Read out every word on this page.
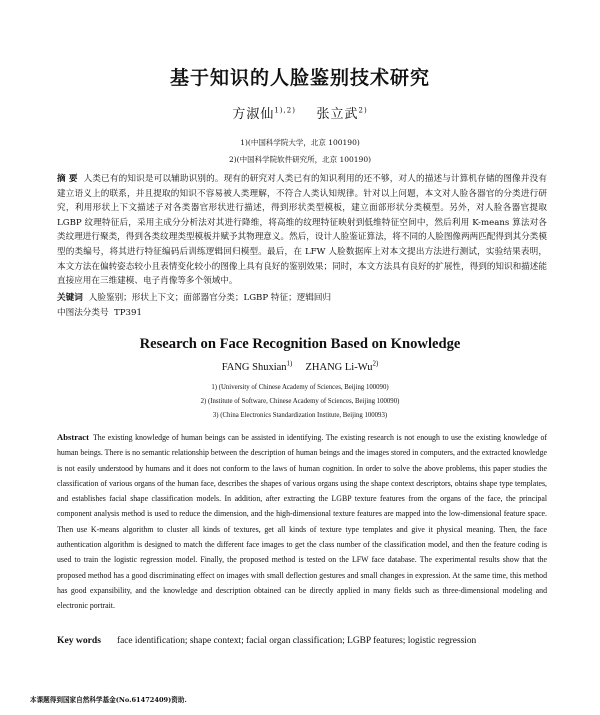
基于知识的人脸鉴别技术研究
方淑仙$^{1),2)}$ 张立武$^{2)}$
1)(中国科学院大学，北京 100190)
2)(中国科学院软件研究所，北京 100190)
摘 要 人类已有的知识是可以辅助识别的。现有的研究对人类已有的知识利用的还不够，对人的描述与计算机存储的图像并没有建立语义上的联系，并且提取的知识不容易被人类理解，不符合人类认知规律。针对以上问题，本文对人脸各器官的分类进行研究，利用形状上下文描述子对各类器官形状进行描述，得到形状类型模板，建立面部形状分类模型。另外，对人脸各器官提取 LGBP 纹理特征后，采用主成分分析法对其进行降维，将高维的纹理特征映射到低维特征空间中，然后利用 K-means 算法对各类纹理进行聚类，得到各类纹理类型模板并赋予其物理意义。然后，设计人脸鉴证算法，将不同的人脸图像两两匹配得到其分类模型的类编号，将其进行特征编码后训练逻辑回归模型。最后，在 LFW 人脸数据库上对本文提出方法进行测试，实验结果表明，本文方法在偏转姿态较小且表情变化较小的图像上具有良好的鉴别效果；同时，本文方法具有良好的扩展性，得到的知识和描述能直接应用在三维建模、电子肖像等多个领域中。
关键词 人脸鉴别；形状上下文；面部器官分类；LGBP 特征；逻辑回归
中图法分类号 TP391
Research on Face Recognition Based on Knowledge
FANG Shuxian$^{1)}$ ZHANG Li-Wu$^{2)}$
1) (University of Chinese Academy of Sciences, Beijing 100090)
2) (Institute of Software, Chinese Academy of Sciences, Beijing 100090)
3) (China Electronics Standardization Institute, Beijing 100093)
Abstract The existing knowledge of human beings can be assisted in identifying. The existing research is not enough to use the existing knowledge of human beings. There is no semantic relationship between the description of human beings and the images stored in computers, and the extracted knowledge is not easily understood by humans and it does not conform to the laws of human cognition. In order to solve the above problems, this paper studies the classification of various organs of the human face, describes the shapes of various organs using the shape context descriptors, obtains shape type templates, and establishes facial shape classification models. In addition, after extracting the LGBP texture features from the organs of the face, the principal component analysis method is used to reduce the dimension, and the high-dimensional texture features are mapped into the low-dimensional feature space. Then use K-means algorithm to cluster all kinds of textures, get all kinds of texture type templates and give it physical meaning. Then, the face authentication algorithm is designed to match the different face images to get the class number of the classification model, and then the feature coding is used to train the logistic regression model. Finally, the proposed method is tested on the LFW face database. The experimental results show that the proposed method has a good discriminating effect on images with small deflection gestures and small changes in expression. At the same time, this method has good expansibility, and the knowledge and description obtained can be directly applied in many fields such as three-dimensional modeling and electronic portrait.
Key words face identification; shape context; facial organ classification; LGBP features; logistic regression
本课题得到国家自然科学基金(No.61472409)资助.
